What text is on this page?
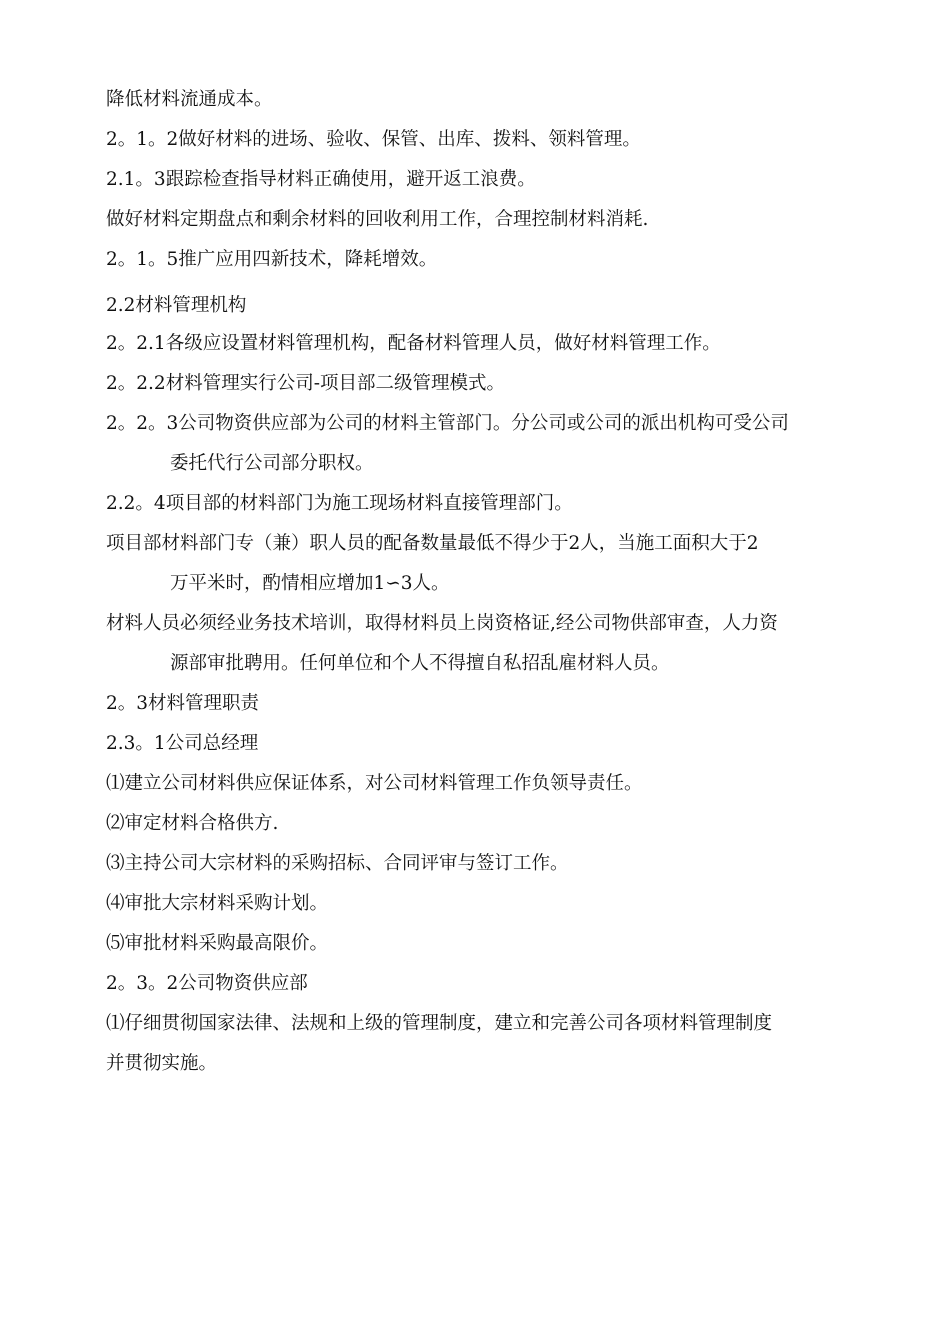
降低材料流通成本。
2。1。2做好材料的进场、验收、保管、出库、拨料、领料管理。
2.1。3跟踪检查指导材料正确使用，避开返工浪费。
做好材料定期盘点和剩余材料的回收利用工作，合理控制材料消耗.
2。1。5推广应用四新技术，降耗增效。
2.2材料管理机构
2。2.1各级应设置材料管理机构，配备材料管理人员，做好材料管理工作。
2。2.2材料管理实行公司-项目部二级管理模式。
2。2。3公司物资供应部为公司的材料主管部门。分公司或公司的派出机构可受公司
委托代行公司部分职权。
2.2。4项目部的材料部门为施工现场材料直接管理部门。
项目部材料部门专（兼）职人员的配备数量最低不得少于2人，当施工面积大于2
万平米时，酌情相应增加1∽3人。
材料人员必须经业务技术培训，取得材料员上岗资格证,经公司物供部审查，人力资
源部审批聘用。任何单位和个人不得擅自私招乱雇材料人员。
2。3材料管理职责
2.3。1公司总经理
⑴建立公司材料供应保证体系，对公司材料管理工作负领导责任。
⑵审定材料合格供方.
⑶主持公司大宗材料的采购招标、合同评审与签订工作。
⑷审批大宗材料采购计划。
⑸审批材料采购最高限价。
2。3。2公司物资供应部
⑴仔细贯彻国家法律、法规和上级的管理制度，建立和完善公司各项材料管理制度
并贯彻实施。
